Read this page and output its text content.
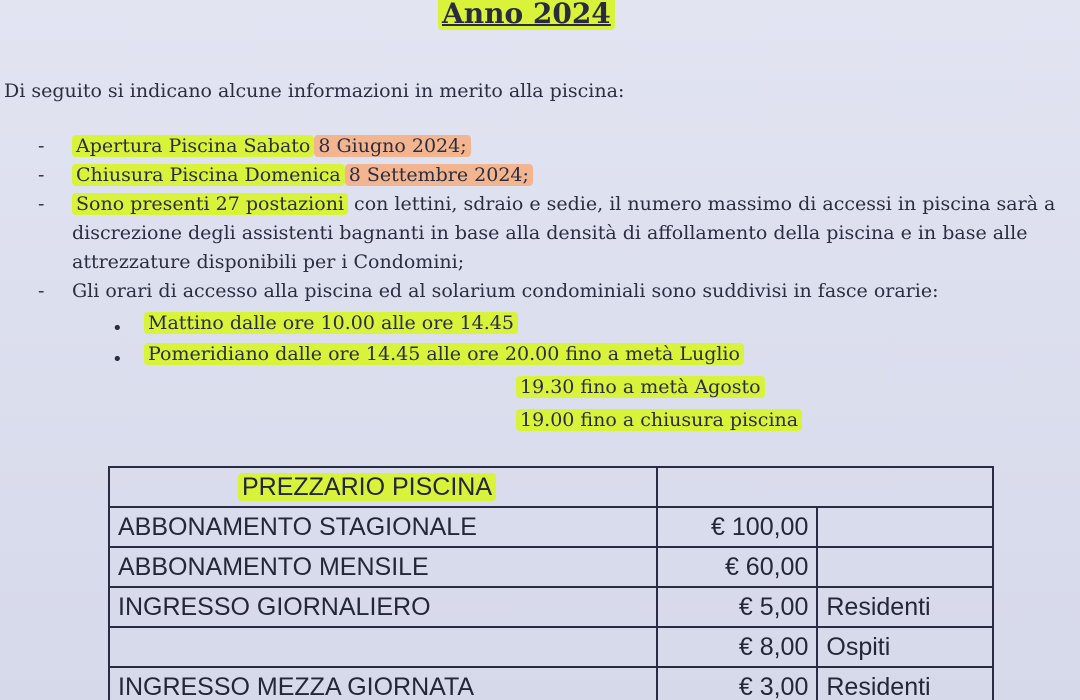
Anno 2024
Di seguito si indicano alcune informazioni in merito alla piscina:
- Apertura Piscina Sabato 8 Giugno 2024;
- Chiusura Piscina Domenica 8 Settembre 2024;
- Sono presenti 27 postazioni con lettini, sdraio e sedie, il numero massimo di accessi in piscina sarà a discrezione degli assistenti bagnanti in base alla densità di affollamento della piscina e in base alle attrezzature disponibili per i Condomini;
- Gli orari di accesso alla piscina ed al solarium condominiali sono suddivisi in fasce orarie:
• Mattino dalle ore 10.00 alle ore 14.45
• Pomeridiano dalle ore 14.45 alle ore 20.00 fino a metà Luglio
19.30 fino a metà Agosto
19.00 fino a chiusura piscina
PREZZARIO PISCINA		
ABBONAMENTO STAGIONALE	€ 100,00	
ABBONAMENTO MENSILE	€ 60,00	
INGRESSO GIORNALIERO	€ 5,00	Residenti
	€ 8,00	Ospiti
INGRESSO MEZZA GIORNATA	€ 3,00	Residenti
